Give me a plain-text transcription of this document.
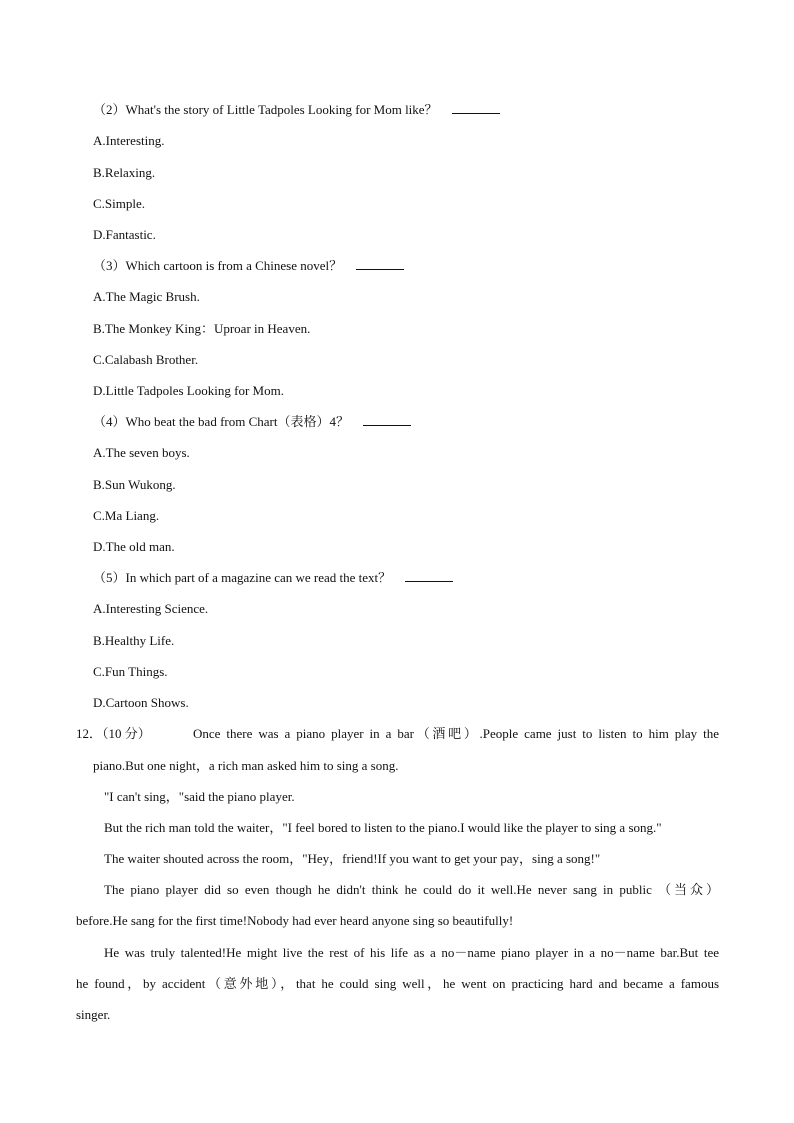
（2）What's the story of Little Tadpoles Looking for Mom like？
A.Interesting.
B.Relaxing.
C.Simple.
D.Fantastic.
（3）Which cartoon is from a Chinese novel？
A.The Magic Brush.
B.The Monkey King：Uproar in Heaven.
C.Calabash Brother.
D.Little Tadpoles Looking for Mom.
（4）Who beat the bad from Chart（表格）4？
A.The seven boys.
B.Sun Wukong.
C.Ma Liang.
D.The old man.
（5）In which part of a magazine can we read the text？
A.Interesting Science.
B.Healthy Life.
C.Fun Things.
D.Cartoon Shows.
12．（10 分）	Once there was a piano player in a bar（酒吧）.People came just to listen to him play the
piano.But one night，a rich man asked him to sing a song.
"I can't sing，"said the piano player.
But the rich man told the waiter，"I feel bored to listen to the piano.I would like the player to sing a song."
The waiter shouted across the room，"Hey，friend!If you want to get your pay，sing a song!"
The piano player did so even though he didn't think he could do it well.He never sang in public （当众）
before.He sang for the first time!Nobody had ever heard anyone sing so beautifully!
He was truly talented!He might live the rest of his life as a no－name piano player in a no－name bar.But tee
he found，by accident（意外地），that he could sing well，he went on practicing hard and became a famous
singer.
